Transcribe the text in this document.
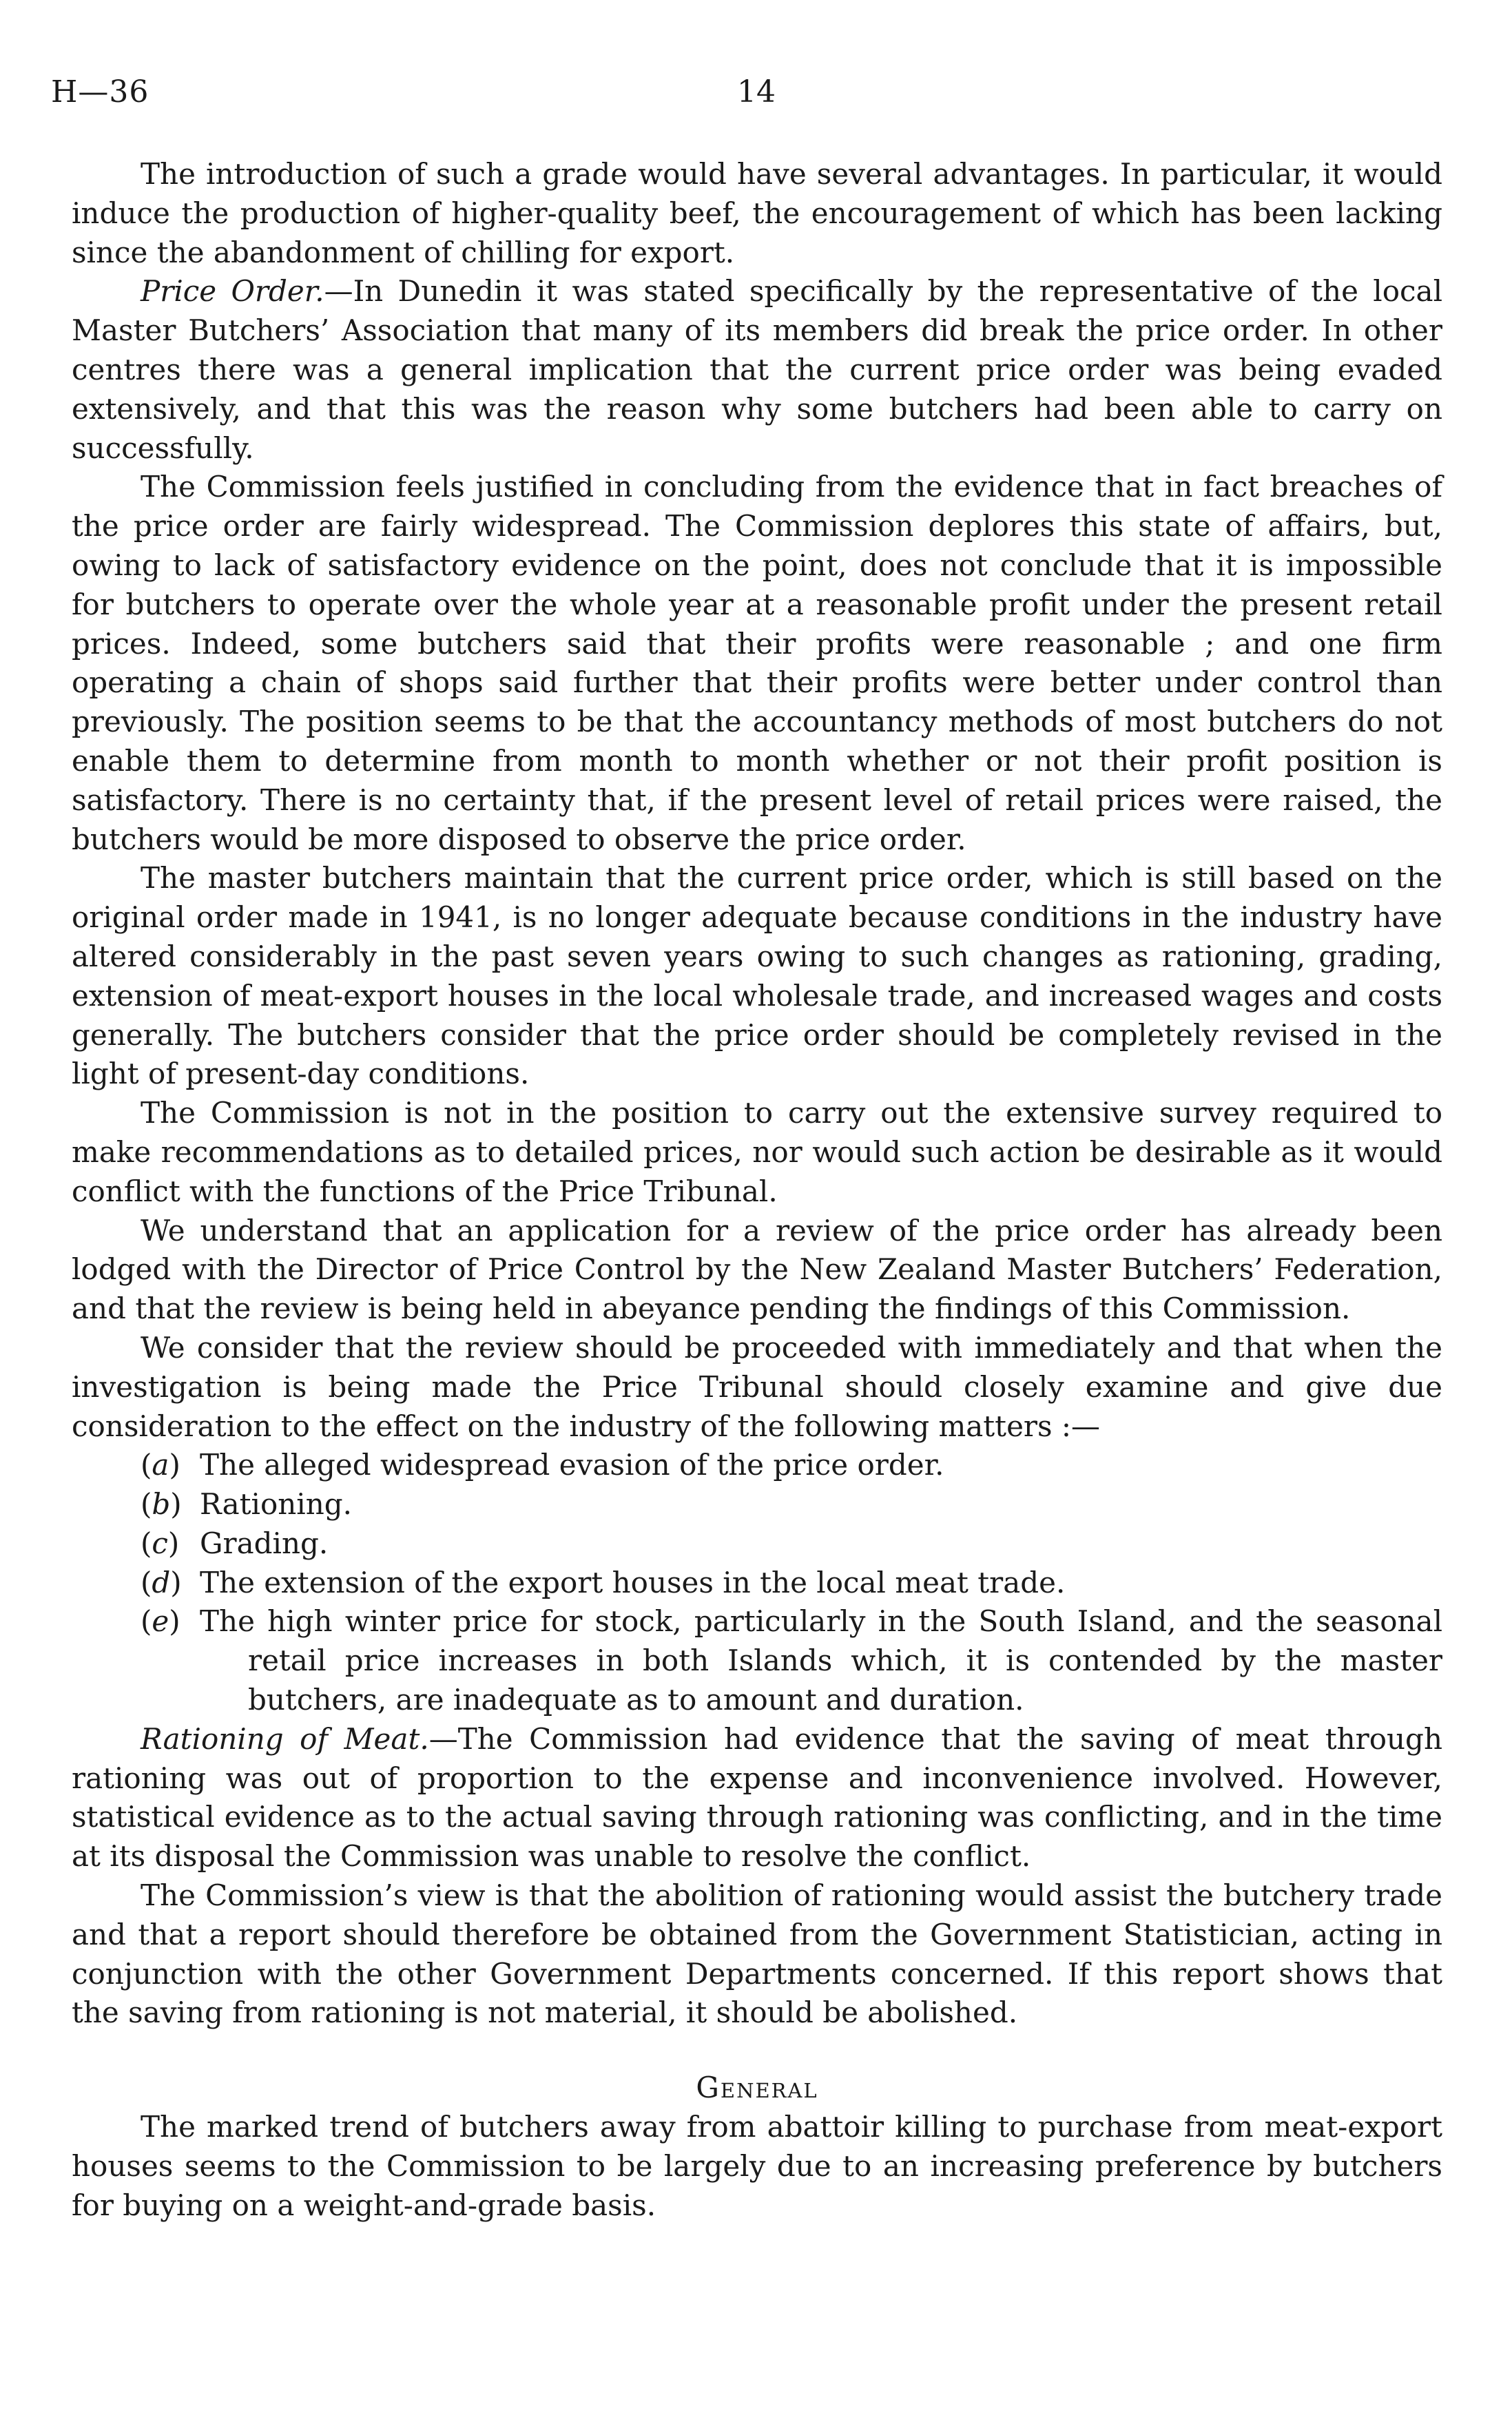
H—36	14

The introduction of such a grade would have several advantages. In particular, it would induce the production of higher-quality beef, the encouragement of which has been lacking since the abandonment of chilling for export.

Price Order.—In Dunedin it was stated specifically by the representative of the local Master Butchers’ Association that many of its members did break the price order. In other centres there was a general implication that the current price order was being evaded extensively, and that this was the reason why some butchers had been able to carry on successfully.

The Commission feels justified in concluding from the evidence that in fact breaches of the price order are fairly widespread. The Commission deplores this state of affairs, but, owing to lack of satisfactory evidence on the point, does not conclude that it is impossible for butchers to operate over the whole year at a reasonable profit under the present retail prices. Indeed, some butchers said that their profits were reasonable ; and one firm operating a chain of shops said further that their profits were better under control than previously. The position seems to be that the accountancy methods of most butchers do not enable them to determine from month to month whether or not their profit position is satisfactory. There is no certainty that, if the present level of retail prices were raised, the butchers would be more disposed to observe the price order.

The master butchers maintain that the current price order, which is still based on the original order made in 1941, is no longer adequate because conditions in the industry have altered considerably in the past seven years owing to such changes as rationing, grading, extension of meat-export houses in the local wholesale trade, and increased wages and costs generally. The butchers consider that the price order should be completely revised in the light of present-day conditions.

The Commission is not in the position to carry out the extensive survey required to make recommendations as to detailed prices, nor would such action be desirable as it would conflict with the functions of the Price Tribunal.

We understand that an application for a review of the price order has already been lodged with the Director of Price Control by the New Zealand Master Butchers’ Federation, and that the review is being held in abeyance pending the findings of this Commission.

We consider that the review should be proceeded with immediately and that when the investigation is being made the Price Tribunal should closely examine and give due consideration to the effect on the industry of the following matters :—

(a) The alleged widespread evasion of the price order.
(b) Rationing.
(c) Grading.
(d) The extension of the export houses in the local meat trade.
(e) The high winter price for stock, particularly in the South Island, and the seasonal retail price increases in both Islands which, it is contended by the master butchers, are inadequate as to amount and duration.

Rationing of Meat.—The Commission had evidence that the saving of meat through rationing was out of proportion to the expense and inconvenience involved. However, statistical evidence as to the actual saving through rationing was conflicting, and in the time at its disposal the Commission was unable to resolve the conflict.

The Commission’s view is that the abolition of rationing would assist the butchery trade and that a report should therefore be obtained from the Government Statistician, acting in conjunction with the other Government Departments concerned. If this report shows that the saving from rationing is not material, it should be abolished.

General

The marked trend of butchers away from abattoir killing to purchase from meat-export houses seems to the Commission to be largely due to an increasing preference by butchers for buying on a weight-and-grade basis.
